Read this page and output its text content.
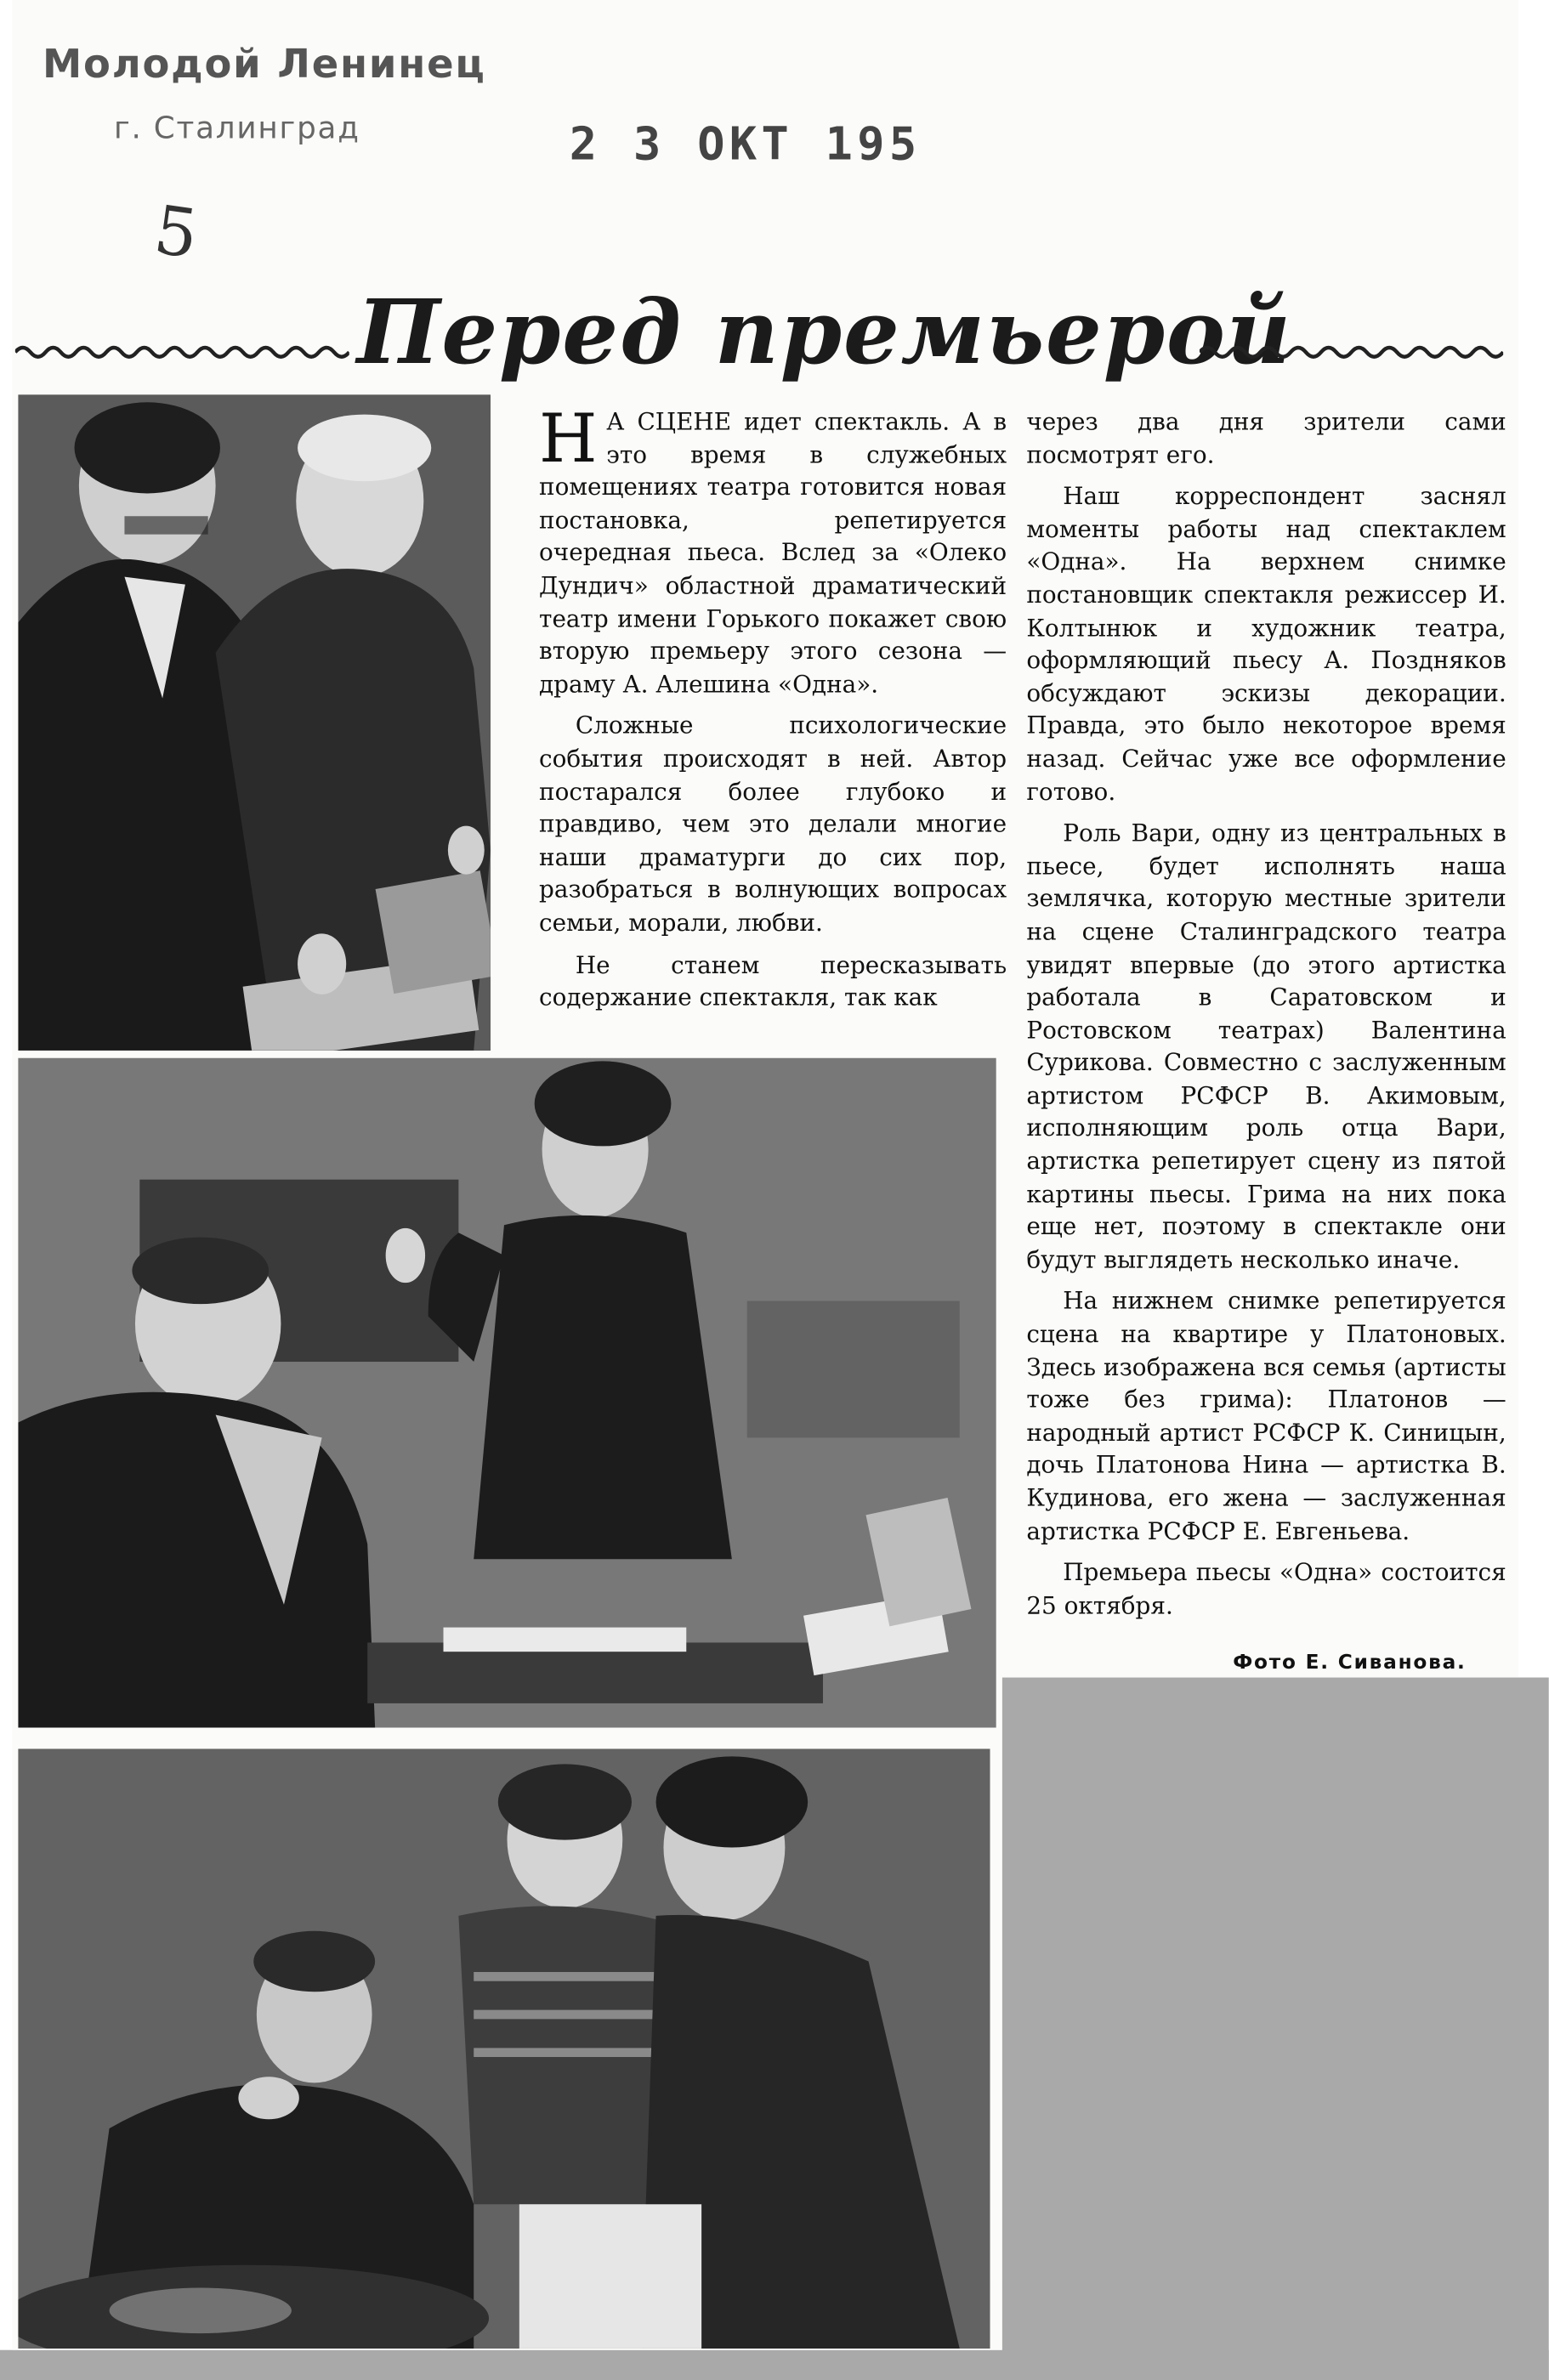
Молодой Ленинец
г. Сталинград	2 3 ОКТ 195
5
Перед премьерой

Н А СЦЕНЕ идет спектакль. А в это время в служебных помещениях театра готовится новая постановка, репетируется очередная пьеса. Вслед за «Олеко Дундич» областной драматический театр имени Горького покажет свою вторую премьеру этого сезона — драму А. Алешина «Одна».

Сложные психологические события происходят в ней. Автор постарался более глубоко и правдиво, чем это делали многие наши драматурги до сих пор, разобраться в волнующих вопросах семьи, морали, любви.

Не станем пересказывать содержание спектакля, так как

через два дня зрители сами посмотрят его.

Наш корреспондент заснял моменты работы над спектаклем «Одна». На верхнем снимке постановщик спектакля режиссер И. Колтынюк и художник театра, оформляющий пьесу А. Поздняков обсуждают эскизы декорации. Правда, это было некоторое время назад. Сейчас уже все оформление готово.

Роль Вари, одну из центральных в пьесе, будет исполнять наша землячка, которую местные зрители на сцене Сталинградского театра увидят впервые (до этого артистка работала в Саратовском и Ростовском театрах) Валентина Сурикова. Совместно с заслуженным артистом РСФСР В. Акимовым, исполняющим роль отца Вари, артистка репетирует сцену из пятой картины пьесы. Грима на них пока еще нет, поэтому в спектакле они будут выглядеть несколько иначе.

На нижнем снимке репетируется сцена на квартире у Платоновых. Здесь изображена вся семья (артисты тоже без грима): Платонов — народный артист РСФСР К. Синицын, дочь Платонова Нина — артистка В. Кудинова, его жена — заслуженная артистка РСФСР Е. Евгеньева.

Премьера пьесы «Одна» состоится 25 октября.

Фото Е. Сиванова.
